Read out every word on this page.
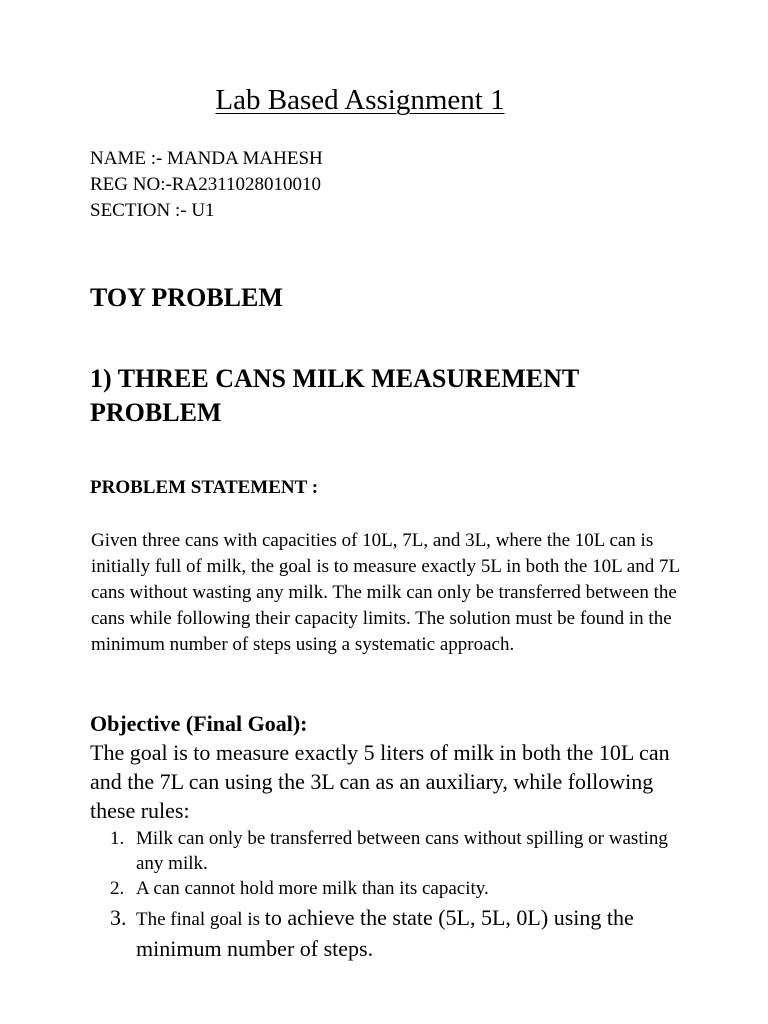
Lab Based Assignment 1
NAME :- MANDA MAHESH
REG NO:-RA2311028010010
SECTION :- U1
TOY PROBLEM
1) THREE CANS MILK MEASUREMENT
PROBLEM
PROBLEM STATEMENT :

Given three cans with capacities of 10L, 7L, and 3L, where the 10L can is initially full of milk, the goal is to measure exactly 5L in both the 10L and 7L cans without wasting any milk. The milk can only be transferred between the cans while following their capacity limits. The solution must be found in the minimum number of steps using a systematic approach.

Objective (Final Goal):

The goal is to measure exactly 5 liters of milk in both the 10L can and the 7L can using the 3L can as an auxiliary, while following these rules:

1. Milk can only be transferred between cans without spilling or wasting any milk.
2. A can cannot hold more milk than its capacity.
3. The final goal is to achieve the state (5L, 5L, 0L) using the minimum number of steps.
